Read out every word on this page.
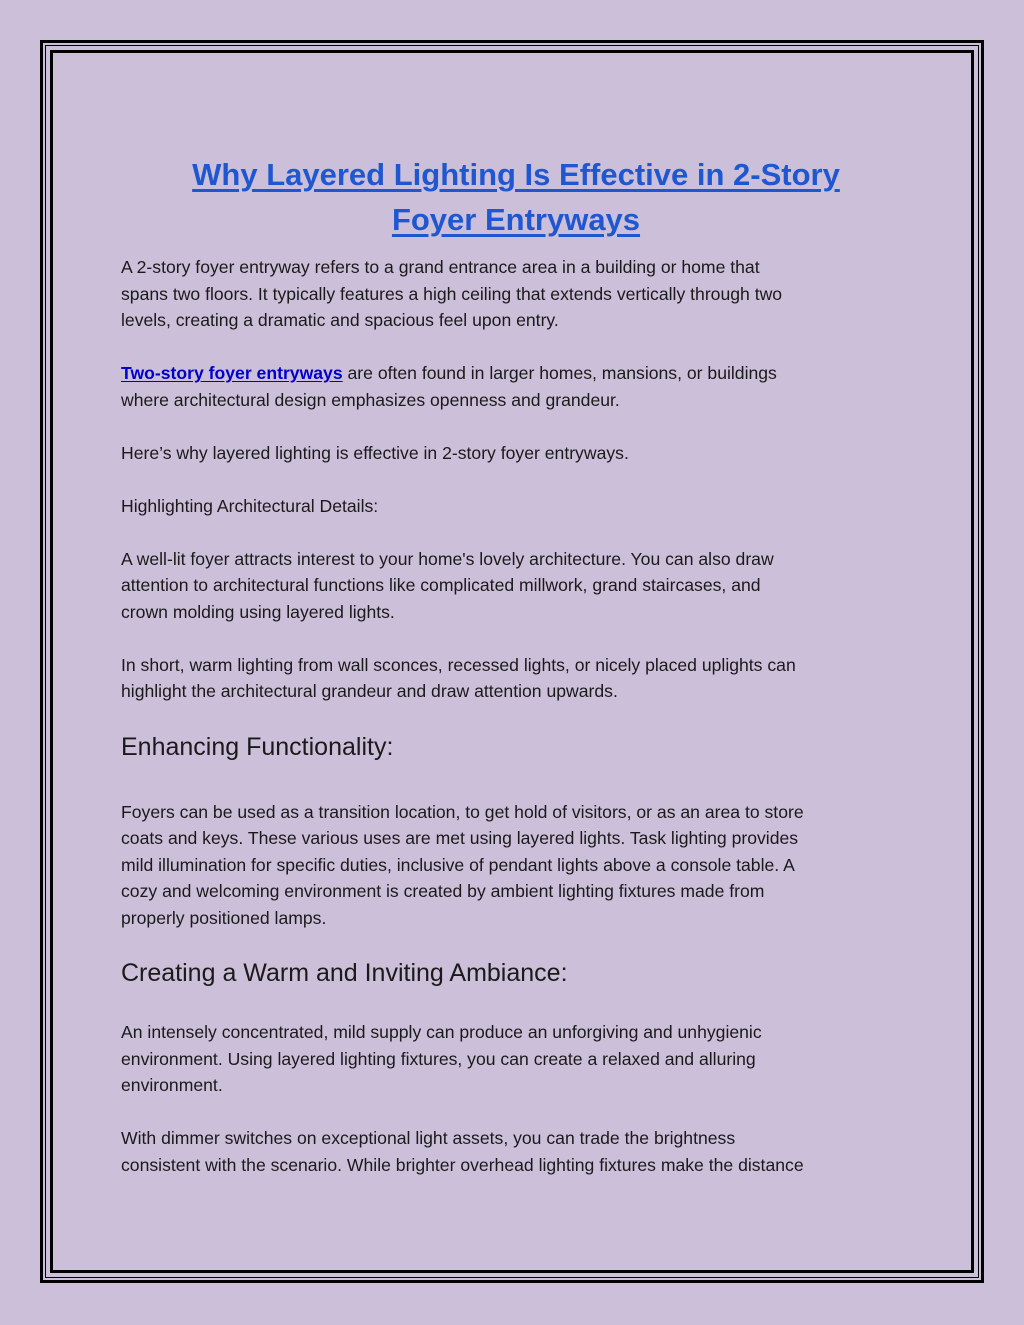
Why Layered Lighting Is Effective in 2-Story
Foyer Entryways

A 2-story foyer entryway refers to a grand entrance area in a building or home that
spans two floors. It typically features a high ceiling that extends vertically through two
levels, creating a dramatic and spacious feel upon entry.

Two-story foyer entryways are often found in larger homes, mansions, or buildings
where architectural design emphasizes openness and grandeur.

Here’s why layered lighting is effective in 2-story foyer entryways.

Highlighting Architectural Details:

A well-lit foyer attracts interest to your home's lovely architecture. You can also draw
attention to architectural functions like complicated millwork, grand staircases, and
crown molding using layered lights.

In short, warm lighting from wall sconces, recessed lights, or nicely placed uplights can
highlight the architectural grandeur and draw attention upwards.

Enhancing Functionality:

Foyers can be used as a transition location, to get hold of visitors, or as an area to store
coats and keys. These various uses are met using layered lights. Task lighting provides
mild illumination for specific duties, inclusive of pendant lights above a console table. A
cozy and welcoming environment is created by ambient lighting fixtures made from
properly positioned lamps.

Creating a Warm and Inviting Ambiance:

An intensely concentrated, mild supply can produce an unforgiving and unhygienic
environment. Using layered lighting fixtures, you can create a relaxed and alluring
environment.

With dimmer switches on exceptional light assets, you can trade the brightness
consistent with the scenario. While brighter overhead lighting fixtures make the distance
